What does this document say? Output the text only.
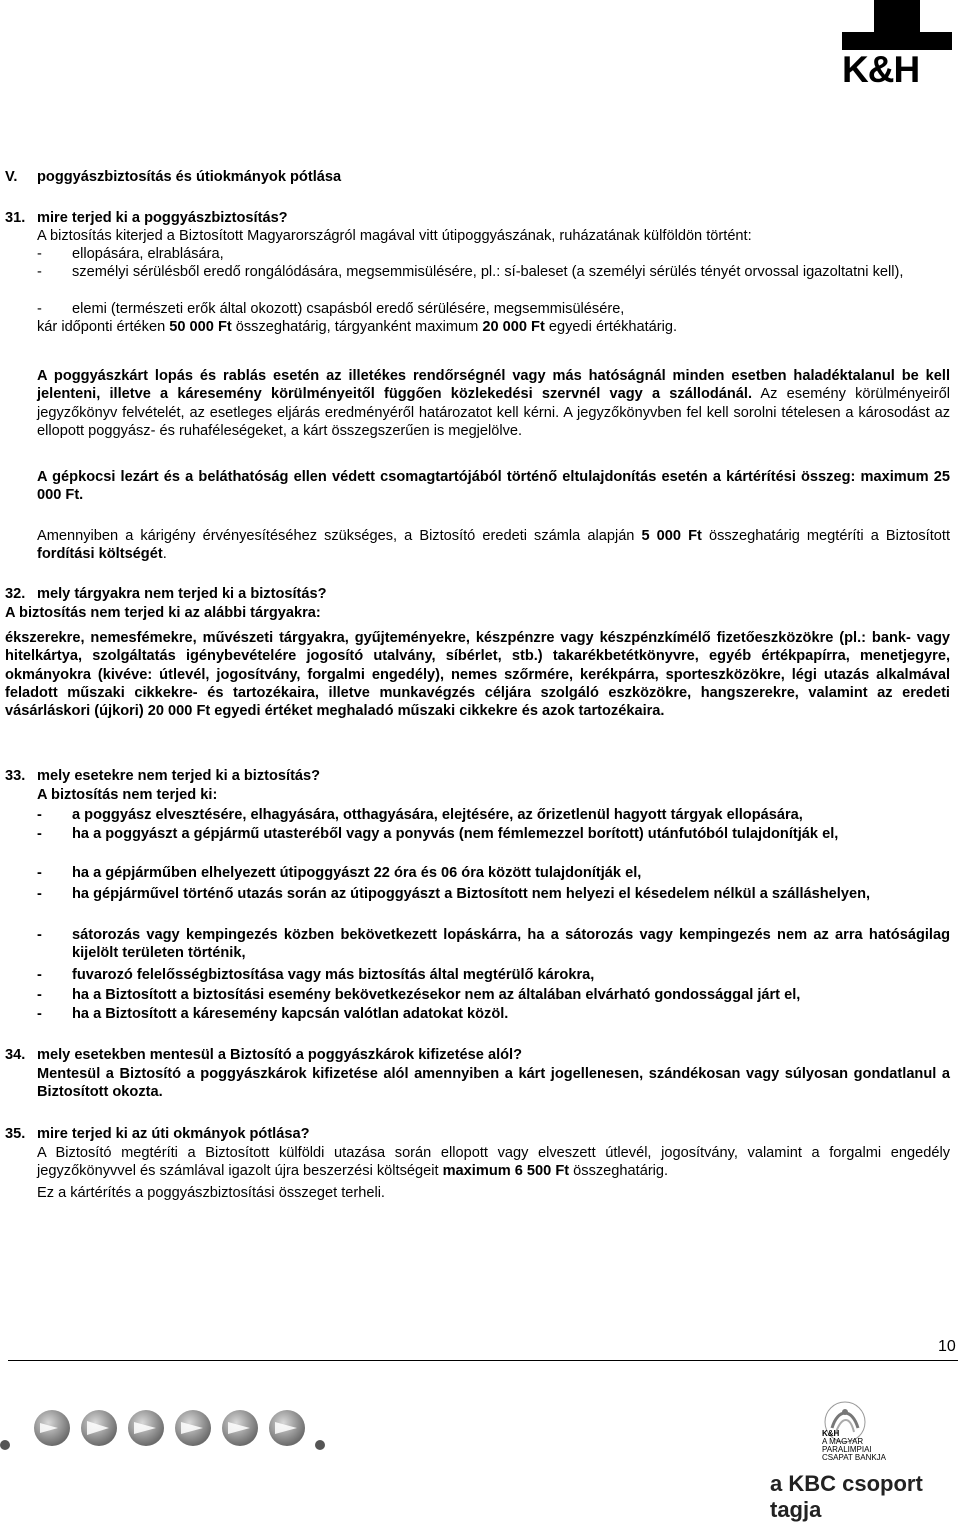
K&H
V. poggyászbiztosítás és útiokmányok pótlása
31. mire terjed ki a poggyászbiztosítás?
A biztosítás kiterjed a Biztosított Magyarországról magával vitt útipoggyászának, ruházatának külföldön történt:
- ellopására, elrablására,
- személyi sérülésből eredő rongálódására, megsemmisülésére, pl.: sí-baleset (a személyi sérülés tényét orvossal igazoltatni kell),
- elemi (természeti erők által okozott) csapásból eredő sérülésére, megsemmisülésére,
kár időponti értéken 50 000 Ft összeghatárig, tárgyanként maximum 20 000 Ft egyedi értékhatárig.
A poggyászkárt lopás és rablás esetén az illetékes rendőrségnél vagy más hatóságnál minden esetben haladéktalanul be kell jelenteni, illetve a káresemény körülményeitől függően közlekedési szervnél vagy a szállodánál. Az esemény körülményeiről jegyzőkönyv felvételét, az esetleges eljárás eredményéről határozatot kell kérni. A jegyzőkönyvben fel kell sorolni tételesen a károsodást az ellopott poggyász- és ruhaféleségeket, a kárt összegszerűen is megjelölve.
A gépkocsi lezárt és a beláthatóság ellen védett csomagtartójából történő eltulajdonítás esetén a kártérítési összeg: maximum 25 000 Ft.
Amennyiben a kárigény érvényesítéséhez szükséges, a Biztosító eredeti számla alapján 5 000 Ft összeghatárig megtéríti a Biztosított fordítási költségét.
32. mely tárgyakra nem terjed ki a biztosítás?
A biztosítás nem terjed ki az alábbi tárgyakra:
ékszerekre, nemesfémekre, művészeti tárgyakra, gyűjteményekre, készpénzre vagy készpénzkímélő fizetőeszközökre (pl.: bank- vagy hitelkártya, szolgáltatás igénybevételére jogosító utalvány, síbérlet, stb.) takarékbetétkönyvre, egyéb értékpapírra, menetjegyre, okmányokra (kivéve: útlevél, jogosítvány, forgalmi engedély), nemes szőrmére, kerékpárra, sporteszközökre, légi utazás alkalmával feladott műszaki cikkekre- és tartozékaira, illetve munkavégzés céljára szolgáló eszközökre, hangszerekre, valamint az eredeti vásárláskori (újkori) 20 000 Ft egyedi értéket meghaladó műszaki cikkekre és azok tartozékaira.
33. mely esetekre nem terjed ki a biztosítás?
A biztosítás nem terjed ki:
- a poggyász elvesztésére, elhagyására, otthagyására, elejtésére, az őrizetlenül hagyott tárgyak ellopására,
- ha a poggyászt a gépjármű utasteréből vagy a ponyvás (nem fémlemezzel borított) utánfutóból tulajdonítják el,
- ha a gépjárműben elhelyezett útipoggyászt 22 óra és 06 óra között tulajdonítják el,
- ha gépjárművel történő utazás során az útipoggyászt a Biztosított nem helyezi el késedelem nélkül a szálláshelyen,
- sátorozás vagy kempingezés közben bekövetkezett lopáskárra, ha a sátorozás vagy kempingezés nem az arra hatóságilag kijelölt területen történik,
- fuvarozó felelősségbiztosítása vagy más biztosítás által megtérülő károkra,
- ha a Biztosított a biztosítási esemény bekövetkezésekor nem az általában elvárható gondossággal járt el,
- ha a Biztosított a káresemény kapcsán valótlan adatokat közöl.
34. mely esetekben mentesül a Biztosító a poggyászkárok kifizetése alól?
Mentesül a Biztosító a poggyászkárok kifizetése alól amennyiben a kárt jogellenesen, szándékosan vagy súlyosan gondatlanul a Biztosított okozta.
35. mire terjed ki az úti okmányok pótlása?
A Biztosító megtéríti a Biztosított külföldi utazása során ellopott vagy elveszett útlevél, jogosítvány, valamint a forgalmi engedély jegyzőkönyvvel és számlával igazolt újra beszerzési költségeit maximum 6 500 Ft összeghatárig.
Ez a kártérítés a poggyászbiztosítási összeget terheli.
10
K&H
A MAGYAR
PARALIMPIAI
CSAPAT BANKJA
a KBC csoport tagja
